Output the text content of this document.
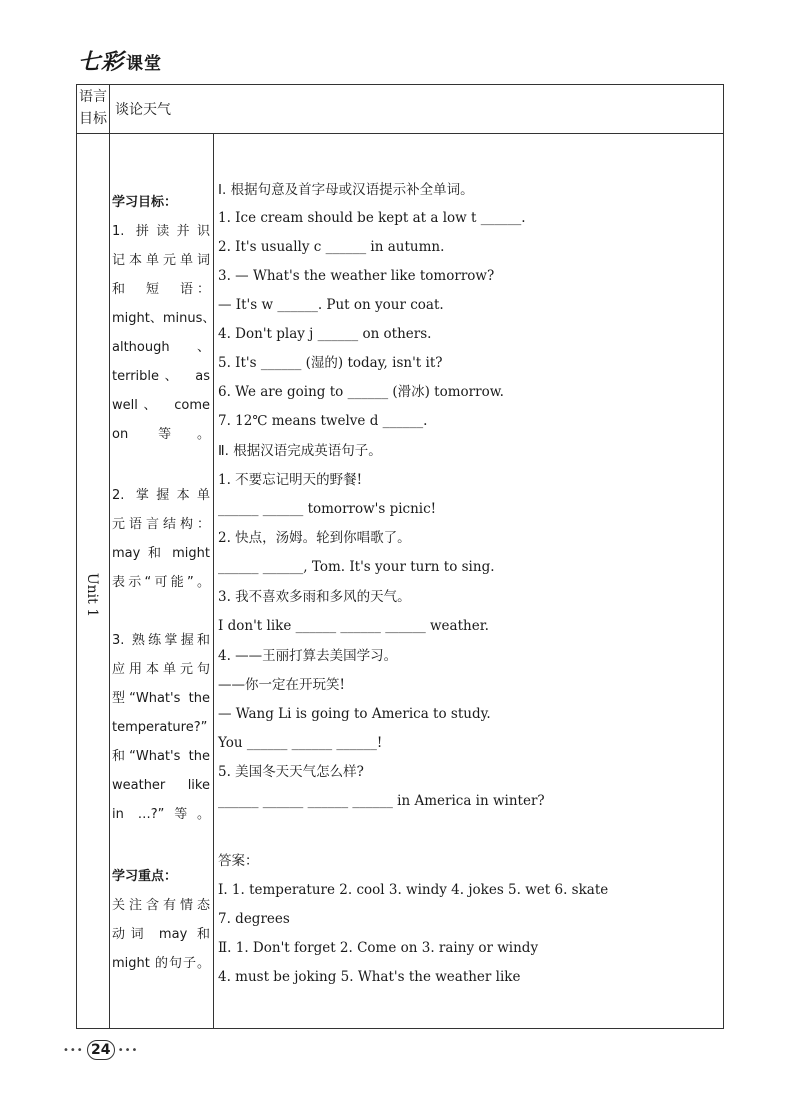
七彩 课堂
语言
目标
谈论天气
Unit 1
学习目标：
1. 拼读并识
记本单元单词
和　短　语：
might、minus、
although、
terrible、　as
well、　come
on 等。
2. 掌握本单
元语言结构：
may 和 might
表示“可能”。
3. 熟练掌握和
应用本单元句
型“What's the
temperature?”
和“What's the
weather　like
in …?”等。
学习重点：
关注含有情态
动词 may 和
might 的句子。
Ⅰ. 根据句意及首字母或汉语提示补全单词。
1. Ice cream should be kept at a low t ______.
2. It's usually c ______ in autumn.
3. — What's the weather like tomorrow?
— It's w ______. Put on your coat.
4. Don't play j ______ on others.
5. It's ______ (湿的) today, isn't it?
6. We are going to ______ (滑冰) tomorrow.
7. 12℃ means twelve d ______.
Ⅱ. 根据汉语完成英语句子。
1. 不要忘记明天的野餐!
______ ______ tomorrow's picnic!
2. 快点，汤姆。轮到你唱歌了。
______ ______, Tom. It's your turn to sing.
3. 我不喜欢多雨和多风的天气。
I don't like ______ ______ ______ weather.
4. ——王丽打算去美国学习。
——你一定在开玩笑!
— Wang Li is going to America to study.
You ______ ______ ______!
5. 美国冬天天气怎么样?
______ ______ ______ ______ in America in winter?
答案：
Ⅰ. 1. temperature 2. cool 3. windy 4. jokes 5. wet 6. skate
7. degrees
Ⅱ. 1. Don't forget 2. Come on 3. rainy or windy
4. must be joking 5. What's the weather like
••• 24 •••
